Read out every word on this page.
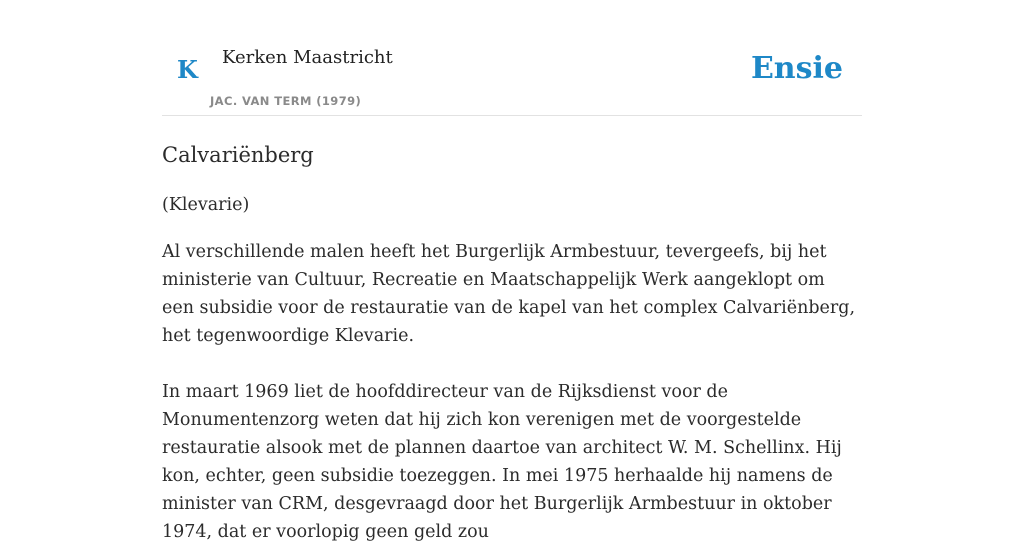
K Kerken Maastricht
JAC. VAN TERM (1979)
Ensie
Calvariënberg

(Klevarie)

Al verschillende malen heeft het Burgerlijk Armbestuur, tevergeefs, bij het ministerie van Cultuur, Recreatie en Maatschappelijk Werk aangeklopt om een subsidie voor de restauratie van de kapel van het complex Calvariënberg, het tegenwoordige Klevarie.

In maart 1969 liet de hoofddirecteur van de Rijksdienst voor de Monumentenzorg weten dat hij zich kon verenigen met de voorgestelde restauratie alsook met de plannen daartoe van architect W. M. Schellinx. Hij kon, echter, geen subsidie toezeggen. In mei 1975 herhaalde hij namens de minister van CRM, desgevraagd door het Burgerlijk Armbestuur in oktober 1974, dat er voorlopig geen geld zou
